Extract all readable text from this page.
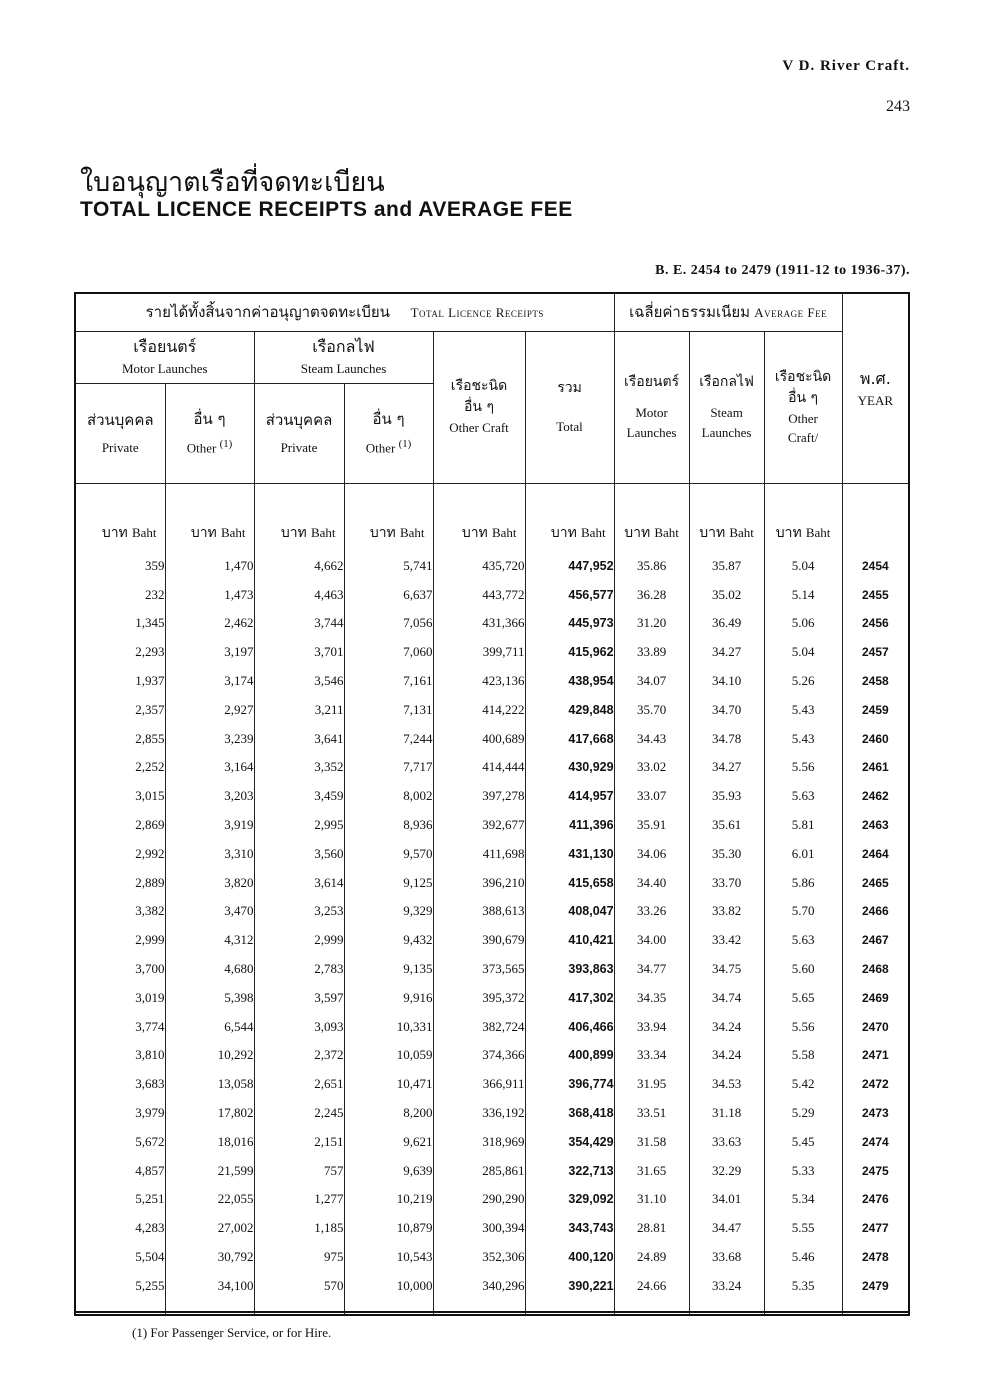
V D. River Craft.
243
ใบอนุญาตเรือที่จดทะเบียน
TOTAL LICENCE RECEIPTS and AVERAGE FEE
B. E. 2454 to 2479 (1911-12 to 1936-37).
รายได้ทั้งสิ้นจากค่าอนุญาตจดทะเบียน Total Licence Receipts						เฉลี่ยค่าธรรมเนียม Average Fee			พ.ศ.
YEAR

เรือยนตร์
Motor Launches		เรือกลไฟ
Steam Launches		เรือชะนิด
อื่น ๆ
Other Craft	รวม
Total	เรือยนตร์
Motor
Launches	เรือกลไฟ
Steam
Launches	เรือชะนิด
อื่น ๆ
Other
Craft/	

ส่วนบุคคล
Private	อื่น ๆ
Other $^{(1)}$	ส่วนบุคคล
Private	อื่น ๆ
Other $^{(1)}$

บาท Baht	บาท Baht	บาท Baht	บาท Baht	บาท Baht	บาท Baht	บาท Baht	บาท Baht	บาท Baht	
359	1,470	4,662	5,741	435,720	447,952	35.86	35.87	5.04	2454
232	1,473	4,463	6,637	443,772	456,577	36.28	35.02	5.14	2455
1,345	2,462	3,744	7,056	431,366	445,973	31.20	36.49	5.06	2456
2,293	3,197	3,701	7,060	399,711	415,962	33.89	34.27	5.04	2457
1,937	3,174	3,546	7,161	423,136	438,954	34.07	34.10	5.26	2458
2,357	2,927	3,211	7,131	414,222	429,848	35.70	34.70	5.43	2459
2,855	3,239	3,641	7,244	400,689	417,668	34.43	34.78	5.43	2460
2,252	3,164	3,352	7,717	414,444	430,929	33.02	34.27	5.56	2461
3,015	3,203	3,459	8,002	397,278	414,957	33.07	35.93	5.63	2462
2,869	3,919	2,995	8,936	392,677	411,396	35.91	35.61	5.81	2463
2,992	3,310	3,560	9,570	411,698	431,130	34.06	35.30	6.01	2464
2,889	3,820	3,614	9,125	396,210	415,658	34.40	33.70	5.86	2465
3,382	3,470	3,253	9,329	388,613	408,047	33.26	33.82	5.70	2466
2,999	4,312	2,999	9,432	390,679	410,421	34.00	33.42	5.63	2467
3,700	4,680	2,783	9,135	373,565	393,863	34.77	34.75	5.60	2468
3,019	5,398	3,597	9,916	395,372	417,302	34.35	34.74	5.65	2469
3,774	6,544	3,093	10,331	382,724	406,466	33.94	34.24	5.56	2470
3,810	10,292	2,372	10,059	374,366	400,899	33.34	34.24	5.58	2471
3,683	13,058	2,651	10,471	366,911	396,774	31.95	34.53	5.42	2472
3,979	17,802	2,245	8,200	336,192	368,418	33.51	31.18	5.29	2473
5,672	18,016	2,151	9,621	318,969	354,429	31.58	33.63	5.45	2474
4,857	21,599	757	9,639	285,861	322,713	31.65	32.29	5.33	2475
5,251	22,055	1,277	10,219	290,290	329,092	31.10	34.01	5.34	2476
4,283	27,002	1,185	10,879	300,394	343,743	28.81	34.47	5.55	2477
5,504	30,792	975	10,543	352,306	400,120	24.89	33.68	5.46	2478
5,255	34,100	570	10,000	340,296	390,221	24.66	33.24	5.35	2479

(1) For Passenger Service, or for Hire.
